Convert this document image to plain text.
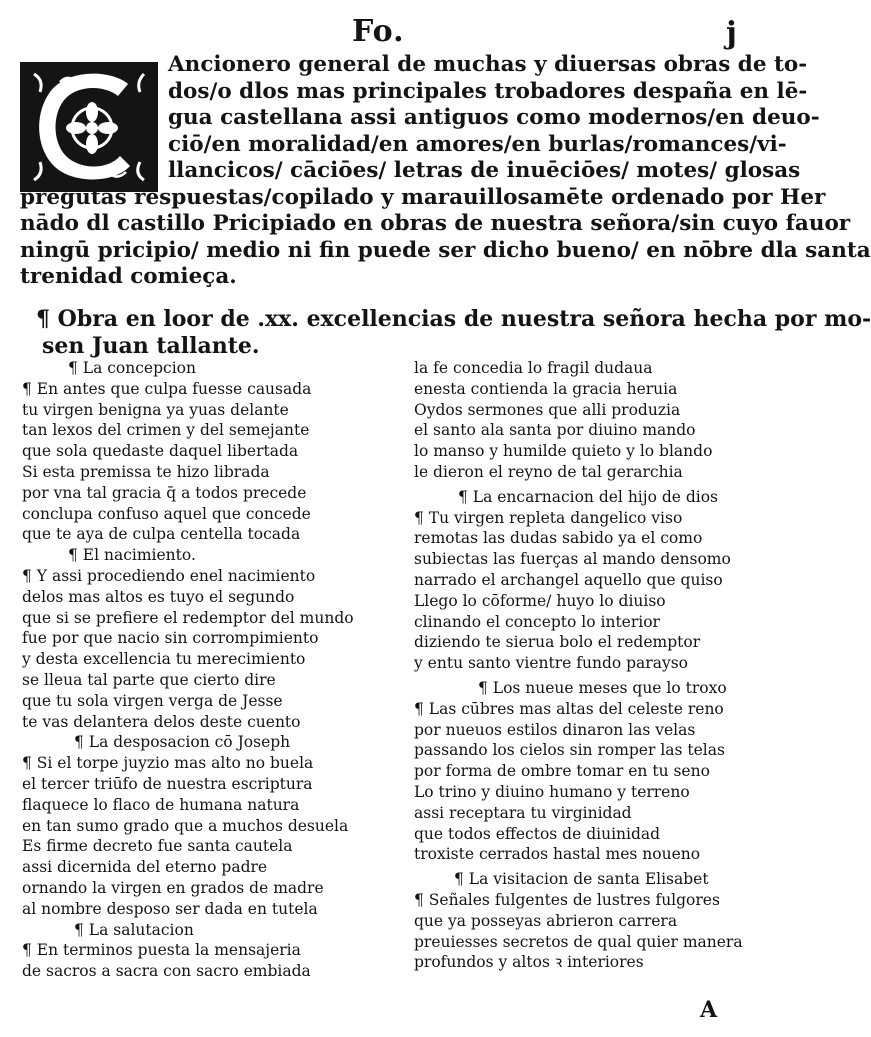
Fo.	j
Ancionero general de muchas y diuersas obras de to-
dos/o dlos mas principales trobadores despaña en lē-
gua castellana assi antiguos como modernos/en deuo-
ciō/en moralidad/en amores/en burlas/romances/vi-
llancicos/ cāciōes/ letras de inuēciōes/ motes/ glosas
pregūtas respuestas/copilado y marauillosamēte ordenado por Her
nādo dl castillo Pricipiado en obras de nuestra señora/sin cuyo fauor
ningū pricipio/ medio ni fin puede ser dicho bueno/ en nōbre dla santa
trenidad comieça.
¶ Obra en loor de .xx. excellencias de nuestra señora hecha por mo-
sen Juan tallante.
¶ La concepcion
¶ En antes que culpa fuesse causada
tu virgen benigna ya yuas delante
tan lexos del crimen y del semejante
que sola quedaste daquel libertada
Si esta premissa te hizo librada
por vna tal gracia q̄ a todos precede
conclupa confuso aquel que concede
que te aya de culpa centella tocada
¶ El nacimiento.
¶ Y assi procediendo enel nacimiento
delos mas altos es tuyo el segundo
que si se prefiere el redemptor del mundo
fue por que nacio sin corrompimiento
y desta excellencia tu merecimiento
se lleua tal parte que cierto dire
que tu sola virgen verga de Jesse
te vas delantera delos deste cuento
¶ La desposacion cō Joseph
¶ Si el torpe juyzio mas alto no buela
el tercer triūfo de nuestra escriptura
flaquece lo flaco de humana natura
en tan sumo grado que a muchos desuela
Es firme decreto fue santa cautela
assi dicernida del eterno padre
ornando la virgen en grados de madre
al nombre desposo ser dada en tutela
¶ La salutacion
¶ En terminos puesta la mensajeria
de sacros a sacra con sacro embiada
la fe concedia lo fragil dudaua
enesta contienda la gracia heruia
Oydos sermones que alli produzia
el santo ala santa por diuino mando
lo manso y humilde quieto y lo blando
le dieron el reyno de tal gerarchia
¶ La encarnacion del hijo de dios
¶ Tu virgen repleta dangelico viso
remotas las dudas sabido ya el como
subiectas las fuerças al mando densomo
narrado el archangel aquello que quiso
Llego lo cōforme/ huyo lo diuiso
clinando el concepto lo interior
diziendo te sierua bolo el redemptor
y entu santo vientre fundo parayso
¶ Los nueue meses que lo troxo
¶ Las cūbres mas altas del celeste reno
por nueuos estilos dinaron las velas
passando los cielos sin romper las telas
por forma de ombre tomar en tu seno
Lo trino y diuino humano y terreno
assi receptara tu virginidad
que todos effectos de diuinidad
troxiste cerrados hastal mes noueno
¶ La visitacion de santa Elisabet
¶ Señales fulgentes de lustres fulgores
que ya posseyas abrieron carrera
preuiesses secretos de qual quier manera
profundos y altos ꝛ interiores
A
